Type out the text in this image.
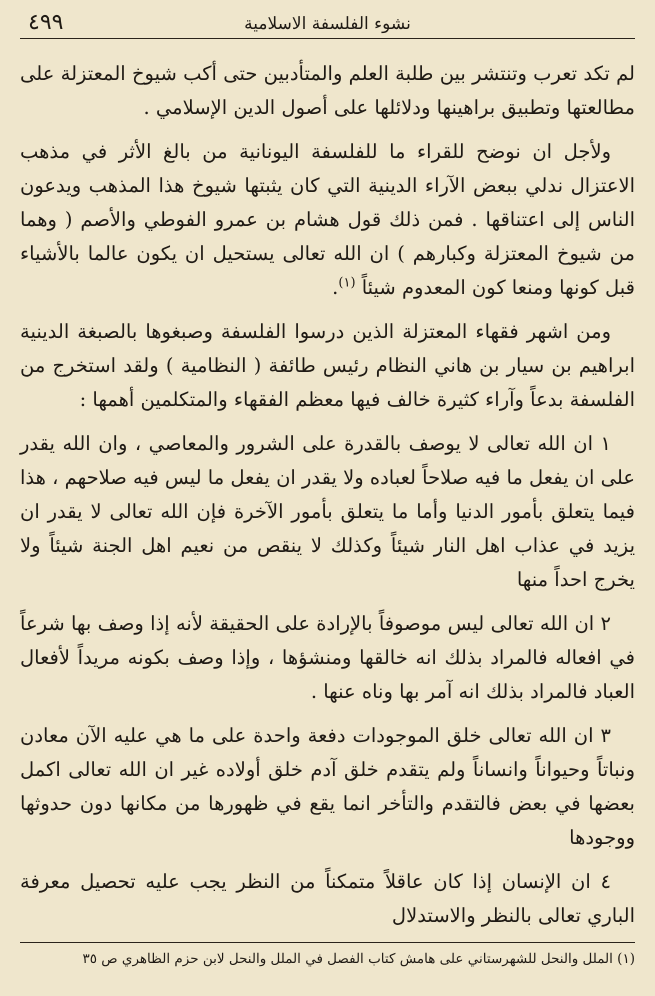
نشوء الفلسفة الاسلامية
٤٩٩

لم تكد تعرب وتنتشر بين طلبة العلم والمتأدبين حتى أكب شيوخ المعتزلة على مطالعتها وتطبيق براهينها ودلائلها على أصول الدين الإسلامي .

ولأجل ان نوضح للقراء ما للفلسفة اليونانية من بالغ الأثر في مذهب الاعتزال ندلي ببعض الآراء الدينية التي كان يثبتها شيوخ هذا المذهب ويدعون الناس إلى اعتناقها . فمن ذلك قول هشام بن عمرو الفوطي والأصم ( وهما من شيوخ المعتزلة وكبارهم ) ان الله تعالى يستحيل ان يكون عالما بالأشياء قبل كونها ومنعا كون المعدوم شيئاً $^{(١)}$.

ومن اشهر فقهاء المعتزلة الذين درسوا الفلسفة وصبغوها بالصبغة الدينية ابراهيم بن سيار بن هاني النظام رئيس طائفة ( النظامية ) ولقد استخرج من الفلسفة بدعاً وآراء كثيرة خالف فيها معظم الفقهاء والمتكلمين أهمها :

١ ان الله تعالى لا يوصف بالقدرة على الشرور والمعاصي ، وان الله يقدر على ان يفعل ما فيه صلاحاً لعباده ولا يقدر ان يفعل ما ليس فيه صلاحهم ، هذا فيما يتعلق بأمور الدنيا وأما ما يتعلق بأمور الآخرة فإن الله تعالى لا يقدر ان يزيد في عذاب اهل النار شيئاً وكذلك لا ينقص من نعيم اهل الجنة شيئاً ولا يخرج احداً منها

٢ ان الله تعالى ليس موصوفاً بالإرادة على الحقيقة لأنه إذا وصف بها شرعاً في افعاله فالمراد بذلك انه خالقها ومنشؤها ، وإذا وصف بكونه مريداً لأفعال العباد فالمراد بذلك انه آمر بها وناه عنها .

٣ ان الله تعالى خلق الموجودات دفعة واحدة على ما هي عليه الآن معادن ونباتاً وحيواناً وانساناً ولم يتقدم خلق آدم خلق أولاده غير ان الله تعالى اكمل بعضها في بعض فالتقدم والتأخر انما يقع في ظهورها من مكانها دون حدوثها ووجودها

٤ ان الإنسان إذا كان عاقلاً متمكناً من النظر يجب عليه تحصيل معرفة الباري تعالى بالنظر والاستدلال

(١) الملل والنحل للشهرستاني على هامش كتاب الفصل في الملل والنحل لابن حزم الظاهري ص ٣٥
